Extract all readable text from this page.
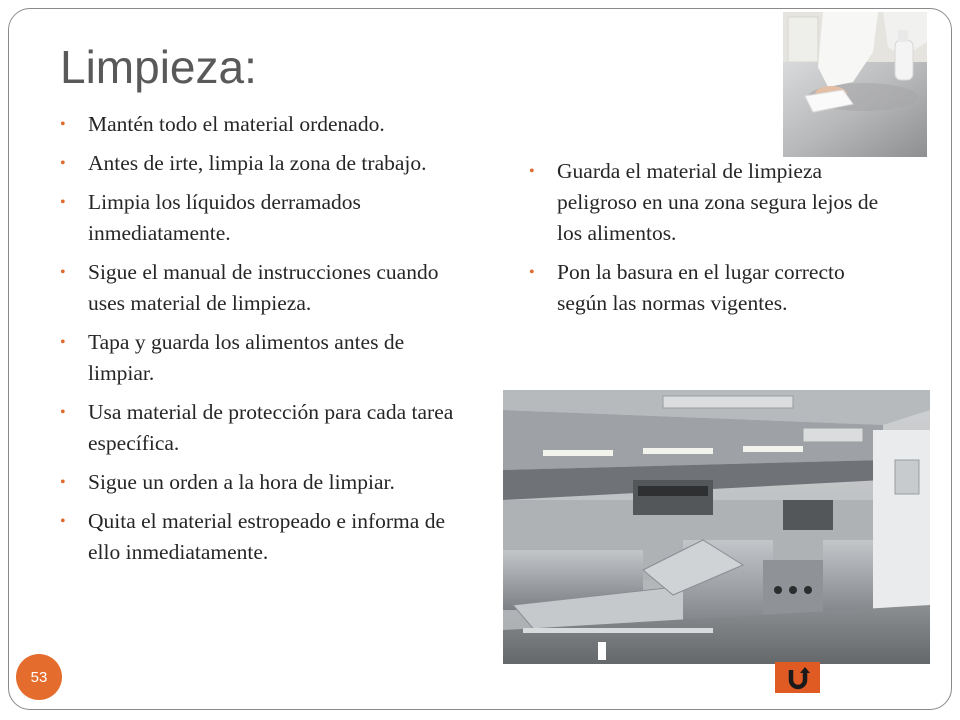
Limpieza:
• Mantén todo el material ordenado.
• Antes de irte, limpia la zona de trabajo.
• Limpia los líquidos derramados inmediatamente.
• Sigue el manual de instrucciones cuando uses material de limpieza.
• Tapa y guarda los alimentos antes de limpiar.
• Usa material de protección para cada tarea específica.
• Sigue un orden a la hora de limpiar.
• Quita el material estropeado e informa de ello inmediatamente.
• Guarda el material de limpieza peligroso en una zona segura lejos de los alimentos.
• Pon la basura en el lugar correcto según las normas vigentes.
53
